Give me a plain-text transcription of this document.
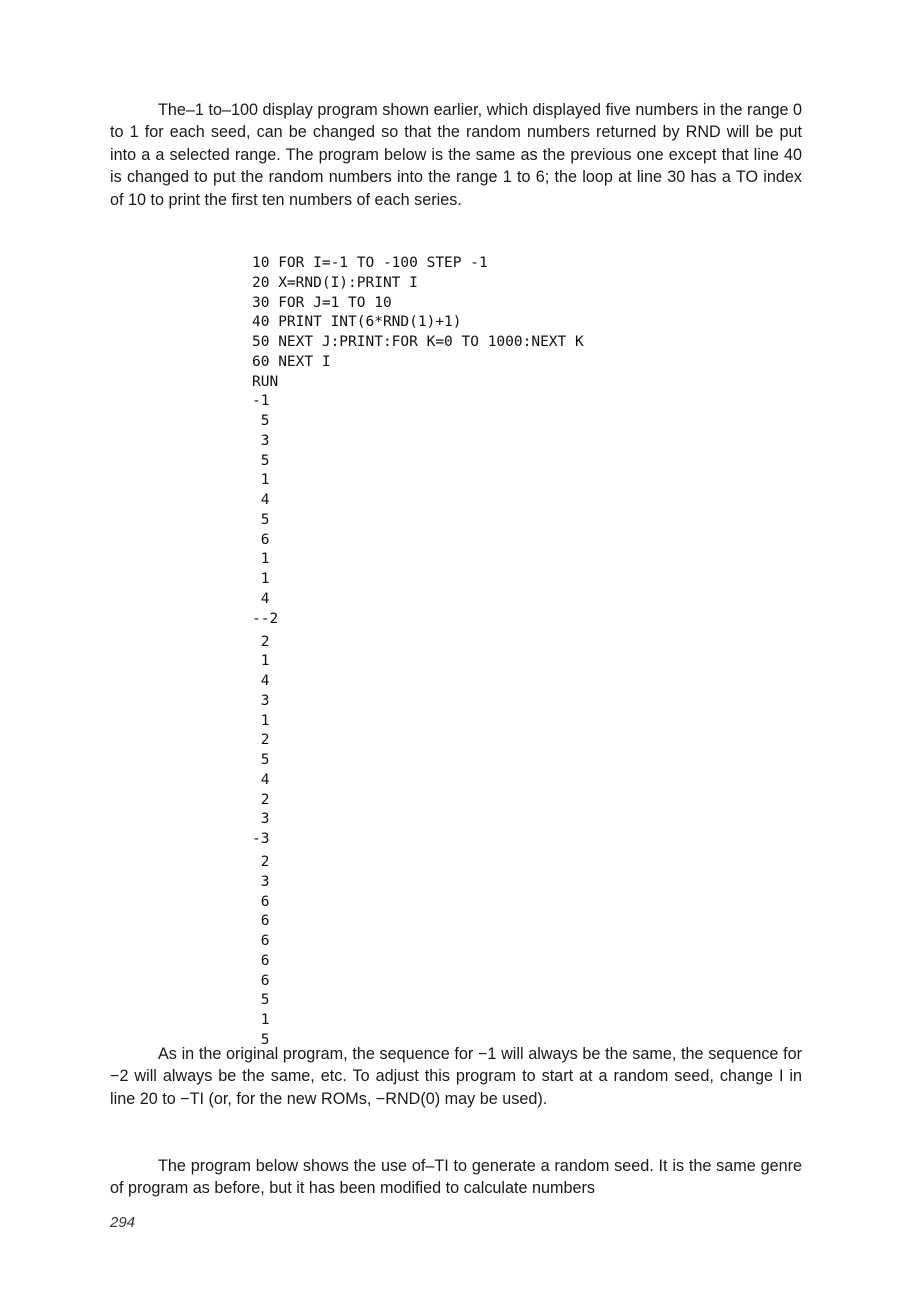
The–1 to–100 display program shown earlier, which displayed five numbers in the range 0 to 1 for each seed, can be changed so that the random numbers returned by RND will be put into a a selected range. The program below is the same as the previous one except that line 40 is changed to put the random numbers into the range 1 to 6; the loop at line 30 has a TO index of 10 to print the first ten numbers of each series.

10 FOR I=-1 TO -100 STEP -1
20 X=RND(I):PRINT I
30 FOR J=1 TO 10
40 PRINT INT(6*RND(1)+1)
50 NEXT J:PRINT:FOR K=0 TO 1000:NEXT K
60 NEXT I
RUN
-1
5
3
5
1
4
5
6
1
1
4
--2
2
1
4
3
1
2
5
4
2
3
-3
2
3
6
6
6
6
6
5
1
5

As in the original program, the sequence for −1 will always be the same, the sequence for −2 will always be the same, etc. To adjust this program to start at a random seed, change I in line 20 to −TI (or, for the new ROMs, −RND(0) may be used).

The program below shows the use of–TI to generate a random seed. It is the same genre of program as before, but it has been modified to calculate numbers

294
